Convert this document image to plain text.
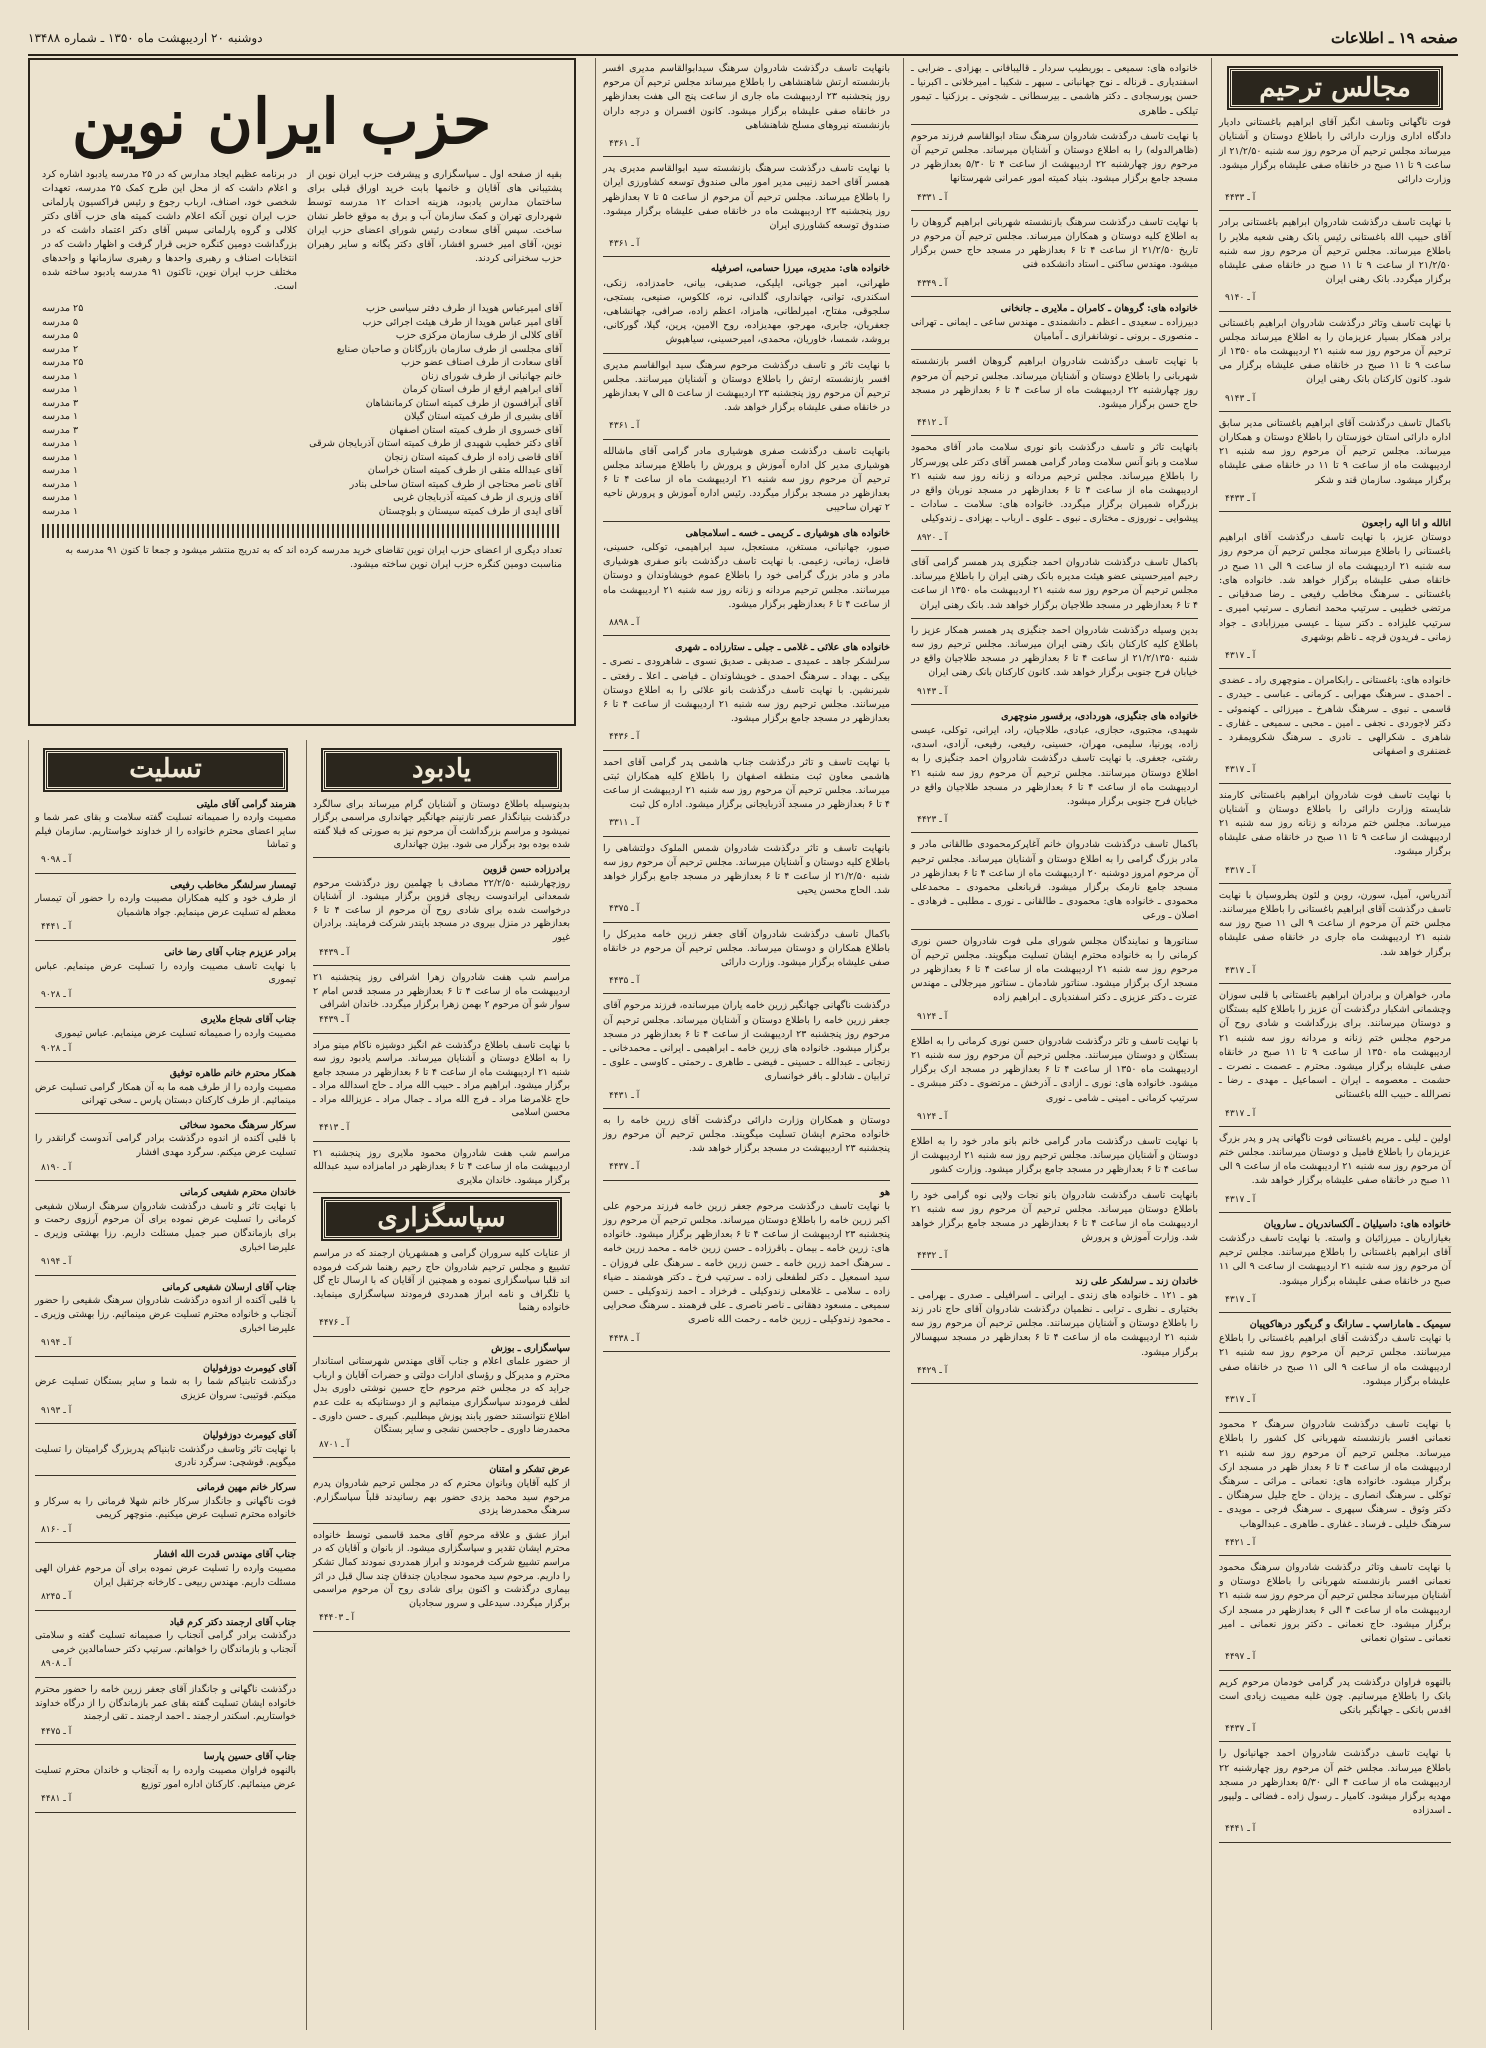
صفحه ۱۹ ـ اطلاعات
دوشنبه ۲۰ اردیبهشت ماه ۱۳۵۰ ـ شماره ۱۳۴۸۸
مجالس ترحیم

فوت ناگهانی وتاسف انگیز آقای ابراهیم باغستانی دادیار دادگاه اداری وزارت دارائی را باطلاع دوستان و آشنایان میرساند مجلس ترحیم آن مرحوم روز سه شنبه ۲۱/۲/۵۰ از ساعت ۹ تا ۱۱ صبح در خانقاه صفی علیشاه برگزار میشود. وزارت دارائی

آ ـ ۴۴۳۳

با نهایت تاسف درگذشت شادروان ابراهیم باغستانی برادر آقای حبیب الله باغستانی رئیس بانک رهنی شعبه ملایر را باطلاع میرساند. مجلس ترحیم آن مرحوم روز سه شنبه ۲۱/۲/۵۰ از ساعت ۹ تا ۱۱ صبح در خانقاه صفی علیشاه برگزار میگردد. بانک رهنی ایران

آ ـ ۹۱۴۰

با نهایت تاسف وتاثر درگذشت شادروان ابراهیم باغستانی برادر همکار بسیار عزیزمان را به اطلاع میرساند مجلس ترحیم آن مرحوم روز سه شنبه ۲۱ اردیبهشت ماه ۱۳۵۰ از ساعت ۹ تا ۱۱ صبح در خانقاه صفی علیشاه برگزار می شود. کانون کارکنان بانک رهنی ایران

آ ـ ۹۱۴۳

باکمال تاسف درگذشت آقای ابراهیم باغستانی مدیر سابق اداره دارائی استان خوزستان را باطلاع دوستان و همکاران میرساند. مجلس ترحیم آن مرحوم روز سه شنبه ۲۱ اردیبهشت ماه از ساعت ۹ تا ۱۱ در خانقاه صفی علیشاه برگزار میشود. سازمان قند و شکر

آ ـ ۴۴۳۳
انالله و انا الیه راجعون

دوستان عزیز، با نهایت تاسف درگذشت آقای ابراهیم باغستانی را باطلاع میرساند مجلس ترحیم آن مرحوم روز سه شنبه ۲۱ اردیبهشت ماه از ساعت ۹ الی ۱۱ صبح در خانقاه صفی علیشاه برگزار خواهد شد. خانواده های: باغستانی ـ سرهنگ مخاطب رفیعی ـ رضا صدقیانی ـ مرتضی خطیبی ـ سرتیپ محمد انصاری ـ سرتیپ امیری ـ سرتیپ علیزاده ـ دکتر سینا ـ عیسی میرزابادی ـ جواد زمانی ـ فریدون قرچه ـ ناظم بوشهری

آ ـ ۴۳۱۷

خانواده های: باغستانی ـ رابکامران ـ منوچهری راد ـ عضدی ـ احمدی ـ سرهنگ مهرابی ـ کرمانی ـ عباسی ـ حیدری ـ قاسمی ـ نبوی ـ سرهنگ شاهرخ ـ میرزائی ـ کهنموئی ـ دکتر لاجوردی ـ نجفی ـ امین ـ محبی ـ سمیعی ـ غفاری ـ شاهری ـ شکرالهی ـ نادری ـ سرهنگ شکرویمقرد ـ غضنفری و اصفهانی

آ ـ ۴۳۱۷

با نهایت تاسف فوت شادروان ابراهیم باغستانی کارمند شایسته وزارت دارائی را باطلاع دوستان و آشنایان میرساند. مجلس ختم مردانه و زنانه روز سه شنبه ۲۱ اردیبهشت از ساعت ۹ تا ۱۱ صبح در خانقاه صفی علیشاه برگزار میشود.

آ ـ ۴۳۱۷

آندریاس، آمیل، سورن، روبن و لئون پطروسیان با نهایت تاسف درگذشت آقای ابراهیم باغستانی را باطلاع میرسانند. مجلس ختم آن مرحوم از ساعت ۹ الی ۱۱ صبح روز سه شنبه ۲۱ اردیبهشت ماه جاری در خانقاه صفی علیشاه برگزار خواهد شد.

آ ـ ۴۳۱۷

مادر، خواهران و برادران ابراهیم باغستانی با قلبی سوزان وچشمانی اشکبار درگذشت آن عزیز را باطلاع کلیه بستگان و دوستان میرسانند. برای بزرگداشت و شادی روح آن مرحوم مجلس ختم زنانه و مردانه روز سه شنبه ۲۱ اردیبهشت ماه ۱۳۵۰ از ساعت ۹ تا ۱۱ صبح در خانقاه صفی علیشاه برگزار میشود. محترم ـ عصمت ـ نصرت ـ حشمت ـ معصومه ـ ایران ـ اسماعیل ـ مهدی ـ رضا ـ نصرالله ـ حبیب الله باغستانی

آ ـ ۴۳۱۷

اولین ـ لیلی ـ مریم باغستانی فوت ناگهانی پدر و پدر بزرگ عزیزمان را باطلاع فامیل و دوستان میرسانند. مجلس ختم آن مرحوم روز سه شنبه ۲۱ اردیبهشت ماه از ساعت ۹ الی ۱۱ صبح در خانقاه صفی علیشاه برگزار خواهد شد.

آ ـ ۴۳۱۷
خانواده های: داسیلیان ـ آلکساندریان ـ سارویان

بغیازاریان ـ میرزائیان و واسته. با نهایت تاسف درگذشت آقای ابراهیم باغستانی را باطلاع میرسانند. مجلس ترحیم آن مرحوم روز سه شنبه ۲۱ اردیبهشت از ساعت ۹ الی ۱۱ صبح در خانقاه صفی علیشاه برگزار میشود.

آ ـ ۴۳۱۷
سیمیک ـ هاماراسپ ـ سارانگ و گریگور درهاکوپیان

با نهایت تاسف درگذشت آقای ابراهیم باغستانی را باطلاع میرسانند. مجلس ترحیم آن مرحوم روز سه شنبه ۲۱ اردیبهشت ماه از ساعت ۹ الی ۱۱ صبح در خانقاه صفی علیشاه برگزار میشود.

آ ـ ۴۳۱۷

با نهایت تاسف درگذشت شادروان سرهنگ ۲ محمود نعمانی افسر بازنشسته شهربانی کل کشور را باطلاع میرساند. مجلس ترحیم آن مرحوم روز سه شنبه ۲۱ اردیبهشت ماه از ساعت ۴ تا ۶ بعداز ظهر در مسجد ارک برگزار میشود. خانواده های: نعمانی ـ مراثی ـ سرهنگ توکلی ـ سرهنگ انصاری ـ یزدان ـ حاج جلیل سرهنگان ـ دکتر وثوق ـ سرهنگ سپهری ـ سرهنگ فرجی ـ مویدی ـ سرهنگ خلیلی ـ فرساد ـ غفاری ـ طاهری ـ عبدالوهاب

آ ـ ۴۴۲۱

با نهایت تاسف وتاثر درگذشت شادروان سرهنگ محمود نعمانی افسر بازنشسته شهربانی را باطلاع دوستان و آشنایان میرساند مجلس ترحیم آن مرحوم روز سه شنبه ۲۱ اردیبهشت ماه از ساعت ۴ الی ۶ بعدازظهر در مسجد ارک برگزار میشود. حاج نعمانی ـ دکتر بروز نعمانی ـ امیر نعمانی ـ ستوان نعمانی

آ ـ ۴۴۹۷

بالنهوه فراوان درگذشت پدر گرامی خودمان مرحوم کریم بانک را باطلاع میرسانیم. چون غلبه مصیبت زیادی است اقدس بانکی ـ جهانگیر بانکی

آ ـ ۴۴۳۷

با نهایت تاسف درگذشت شادروان احمد جهانیانول را باطلاع میرساند. مجلس ختم آن مرحوم روز چهارشنبه ۲۲ اردیبهشت ماه از ساعت ۴ الی ۵/۳۰ بعدازظهر در مسجد مهدیه برگزار میشود. کامیار ـ رسول زاده ـ فضائی ـ ولیپور ـ اسدزاده

آ ـ ۴۴۴۱

خانواده های: سمیعی ـ بوربطیب سردار ـ قالیبافانی ـ بهزادی ـ ضرابی ـ اسفندیاری ـ قرناله ـ نوح جهانبانی ـ سپهر ـ شکیبا ـ امیرخلانی ـ اکبرنیا ـ حسن پورسجادی ـ دکتر هاشمی ـ بیرسطانی ـ شجونی ـ برزکنیا ـ تیمور تیلکی ـ طاهری

با نهایت تاسف درگذشت شادروان سرهنگ ستاد ابوالقاسم فرزند مرحوم (ظاهرالدوله) را به اطلاع دوستان و آشنایان میرساند. مجلس ترحیم آن مرحوم روز چهارشنبه ۲۲ اردیبهشت از ساعت ۴ تا ۵/۳۰ بعدازظهر در مسجد جامع برگزار میشود. بنیاد کمیته امور عمرانی شهرستانها

آ ـ ۴۳۳۱

با نهایت تاسف درگذشت سرهنگ بازنشسته شهربانی ابراهیم گروهان را به اطلاع کلیه دوستان و همکاران میرساند. مجلس ترحیم آن مرحوم در تاریخ ۲۱/۲/۵۰ از ساعت ۴ تا ۶ بعدازظهر در مسجد حاج حسن برگزار میشود. مهندس ساکنی ـ استاد دانشکده فنی

آ ـ ۴۳۴۹
خانواده های: گروهان ـ کامران ـ ملایری ـ جانخانی

دبیرزاده ـ سعیدی ـ اعظم ـ دانشمندی ـ مهندس ساعی ـ ایمانی ـ تهرانی ـ منصوری ـ برونی ـ نوشانفرازی ـ آمامیان

با نهایت تاسف درگذشت شادروان ابراهیم گروهان افسر بازنشسته شهربانی را باطلاع دوستان و آشنایان میرساند. مجلس ترحیم آن مرحوم روز چهارشنبه ۲۲ اردیبهشت ماه از ساعت ۴ تا ۶ بعدازظهر در مسجد حاج حسن برگزار میشود.

آ ـ ۴۴۱۲

بانهایت تاثر و تاسف درگذشت بانو نوری سلامت مادر آقای محمود سلامت و بانو آنس سلامت ومادر گرامی همسر آقای دکتر علی پورسرکار را باطلاع میرساند. مجلس ترحیم مردانه و زنانه روز سه شنبه ۲۱ اردیبهشت ماه از ساعت ۴ تا ۶ بعدازظهر در مسجد نوربان واقع در بزرگراه شمیران برگزار میگردد. خانواده های: سلامت ـ سادات ـ پیشوایی ـ نوروزی ـ مختاری ـ نبوی ـ علوی ـ ارباب ـ بهزادی ـ زندوکیلی

آ ـ ۸۹۲۰

باکمال تاسف درگذشت شادروان احمد جنگیزی پدر همسر گرامی آقای رحیم امیرحسینی عضو هیئت مدیره بانک رهنی ایران را باطلاع میرساند. مجلس ترحیم آن مرحوم روز سه شنبه ۲۱ اردیبهشت ماه ۱۳۵۰ از ساعت ۴ تا ۶ بعدازظهر در مسجد طلاجیان برگزار خواهد شد. بانک رهنی ایران

بدین وسیله درگذشت شادروان احمد جنگیزی پدر همسر همکار عزیز را باطلاع کلیه کارکنان بانک رهنی ایران میرساند. مجلس ترحیم روز سه شنبه ۲۱/۲/۱۳۵۰ از ساعت ۴ تا ۶ بعدازظهر در مسجد طلاجیان واقع در خیابان فرح جنوبی برگزار خواهد شد. کانون کارکنان بانک رهنی ایران

آ ـ ۹۱۴۳
خانواده های جنگیزی، هوردادی، برفسور منوچهری

شهیدی، مجتبوی، حجازی، عبادی، طلاجیان، راد، ایرانی، توکلی، عیسی زاده، پورنیا، سلیمی، مهران، حسینی، رفیعی، رفیعی، آزادی، اسدی، رشتی، جعفری. با نهایت تاسف درگذشت شادروان احمد جنگیزی را به اطلاع دوستان میرسانند. مجلس ترحیم آن مرحوم روز سه شنبه ۲۱ اردیبهشت ماه از ساعت ۴ تا ۶ بعدازظهر در مسجد طلاجیان واقع در خیابان فرح جنوبی برگزار میشود.

آ ـ ۴۴۲۳

باکمال تاسف درگذشت شادروان خانم آغاپرکرمحمودی طالقانی مادر و مادر بزرگ گرامی را به اطلاع دوستان و آشنایان میرساند. مجلس ترحیم آن مرحوم امروز دوشنبه ۲۰ اردیبهشت ماه از ساعت ۴ تا ۶ بعدازظهر در مسجد جامع نارمک برگزار میشود. قربانعلی محمودی ـ محمدعلی محمودی ـ خانواده های: محمودی ـ طالقانی ـ نوری ـ مطلبی ـ فرهادی ـ اصلان ـ ورعی

سناتورها و نمایندگان مجلس شورای ملی فوت شادروان حسن نوری کرمانی را به خانواده محترم ایشان تسلیت میگویند. مجلس ترحیم آن مرحوم روز سه شنبه ۲۱ اردیبهشت ماه از ساعت ۴ تا ۶ بعدازظهر در مسجد ارک برگزار میشود. سناتور شادمان ـ سناتور میرجلالی ـ مهندس عترت ـ دکتر عزیزی ـ دکتر اسفندیاری ـ ابراهیم زاده

آ ـ ۹۱۲۴

با نهایت تاسف و تاثر درگذشت شادروان حسن نوری کرمانی را به اطلاع بستگان و دوستان میرسانند. مجلس ترحیم آن مرحوم روز سه شنبه ۲۱ اردیبهشت ماه ۱۳۵۰ از ساعت ۴ تا ۶ بعدازظهر در مسجد ارک برگزار میشود. خانواده های: نوری ـ ازادی ـ آذرخش ـ مرتضوی ـ دکتر مبشری ـ سرتیپ کرمانی ـ امینی ـ شامی ـ نوری

آ ـ ۹۱۲۴

با نهایت تاسف درگذشت مادر گرامی خانم بانو مادر خود را به اطلاع دوستان و آشنایان میرساند. مجلس ترحیم روز سه شنبه ۲۱ اردیبهشت از ساعت ۴ تا ۶ بعدازظهر در مسجد جامع برگزار میشود. وزارت کشور

بانهایت تاسف درگذشت شادروان بانو نجات ولایی نوه گرامی خود را باطلاع دوستان میرساند. مجلس ترحیم آن مرحوم روز سه شنبه ۲۱ اردیبهشت ماه از ساعت ۴ تا ۶ بعدازظهر در مسجد جامع برگزار خواهد شد. وزارت آموزش و پرورش

آ ـ ۴۴۳۲
خاندان زند ـ سرلشکر علی زند

هو ـ ۱۲۱ ـ خانواده های زندی ـ ایرانی ـ اسرافیلی ـ صدری ـ بهرامی ـ بختیاری ـ نظری ـ ترابی ـ نظمیان درگذشت شادروان آقای حاج نادر زند را باطلاع دوستان و آشنایان میرسانند. مجلس ترحیم آن مرحوم روز سه شنبه ۲۱ اردیبهشت ماه از ساعت ۴ تا ۶ بعدازظهر در مسجد سپهسالار برگزار میشود.

آ ـ ۴۴۲۹

بانهایت تاسف درگذشت شادروان سرهنگ سیدابوالقاسم مدیری افسر بازنشسته ارتش شاهنشاهی را باطلاع میرساند مجلس ترحیم آن مرحوم روز پنجشنبه ۲۳ اردیبهشت ماه جاری از ساعت پنج الی هفت بعدازظهر در خانقاه صفی علیشاه برگزار میشود. کانون افسران و درجه داران بازنشسته نیروهای مسلح شاهنشاهی

آ ـ ۴۳۶۱

با نهایت تاسف درگذشت سرهنگ بازنشسته سید ابوالقاسم مدیری پدر همسر آقای احمد زنیبی مدیر امور مالی صندوق توسعه کشاورزی ایران را باطلاع میرساند. مجلس ترحیم آن مرحوم از ساعت ۵ تا ۷ بعدازظهر روز پنجشنبه ۲۳ اردیبهشت ماه در خانقاه صفی علیشاه برگزار میشود. صندوق توسعه کشاورزی ایران

آ ـ ۴۳۶۱
خانواده های: مدیری، میرزا حسامی، اصرفیله

طهرانی، امیر جویانی، ایلیکی، صدیقی، بیانی، حامدزاده، زنکی، اسکندری، توانی، جهانداری، گلدانی، نره، کلکوس، صنیعی، بستجی، سلجوقی، مفتاح، امیرلطانی، هامزاد، اعظم زاده، صرافی، جهانشاهی، جعفریان، جابری، مهرجو، مهدیزاده، روح الامین، پرین، گیلا، گورکانی، بروشد، شمسا، خاوریان، محمدی، امیرحسینی، سیاهپوش

با نهایت تاثر و تاسف درگذشت مرحوم سرهنگ سید ابوالقاسم مدیری افسر بازنشسته ارتش را باطلاع دوستان و آشنایان میرسانند. مجلس ترحیم آن مرحوم روز پنجشنبه ۲۳ اردیبهشت از ساعت ۵ الی ۷ بعدازظهر در خانقاه صفی علیشاه برگزار خواهد شد.

آ ـ ۴۳۶۱

بانهایت تاسف درگذشت صفری هوشیاری مادر گرامی آقای ماشالله هوشیاری مدیر کل اداره آموزش و پرورش را باطلاع میرساند مجلس ترحیم آن مرحوم روز سه شنبه ۲۱ اردیبهشت ماه از ساعت ۴ تا ۶ بعدازظهر در مسجد برگزار میگردد. رئیس اداره آموزش و پرورش ناحیه ۲ تهران ساحیبی

خانواده های هوشیاری ـ کریمی ـ خسه ـ اسلامجاهی

صبور، جهانبانی، مستغن، مستعجل، سید ابراهیمی، توکلی، حسینی، فاضل، زمانی، زعیمی. با نهایت تاسف درگذشت بانو صفری هوشیاری مادر و مادر بزرگ گرامی خود را باطلاع عموم خویشاوندان و دوستان میرسانند. مجلس ترحیم مردانه و زنانه روز سه شنبه ۲۱ اردیبهشت ماه از ساعت ۴ تا ۶ بعدازظهر برگزار میشود.

آ ـ ۸۸۹۸
خانواده های علائی ـ غلامی ـ جبلی ـ ستارزاده ـ شهری

سرلشکر جاهد ـ عمیدی ـ صدیقی ـ صدیق نسوی ـ شاهرودی ـ نصری ـ بیکی ـ بهداد ـ سرهنگ احمدی ـ خویشاوندان ـ فیاضی ـ اعلا ـ رفعتی ـ شیرنشین. با نهایت تاسف درگذشت بانو علائی را به اطلاع دوستان میرسانند. مجلس ترحیم روز سه شنبه ۲۱ اردیبهشت از ساعت ۴ تا ۶ بعدازظهر در مسجد جامع برگزار میشود.

آ ـ ۴۴۳۶

با نهایت تاسف و تاثر درگذشت جناب هاشمی پدر گرامی آقای احمد هاشمی معاون ثبت منطقه اصفهان را باطلاع کلیه همکاران ثبتی میرساند. مجلس ترحیم آن مرحوم روز سه شنبه ۲۱ اردیبهشت از ساعت ۴ تا ۶ بعدازظهر در مسجد آذربایجانی برگزار میشود. اداره کل ثبت

آ ـ ۳۳۱۱

بانهایت تاسف و تاثر درگذشت شادروان شمس الملوک دولتشاهی را باطلاع کلیه دوستان و آشنایان میرساند. مجلس ترحیم آن مرحوم روز سه شنبه ۲۱/۲/۵۰ از ساعت ۴ تا ۶ بعدازظهر در مسجد جامع برگزار خواهد شد. الحاج محسن یحیی

آ ـ ۴۳۷۵

باکمال تاسف درگذشت شادروان آقای جعفر زرین خامه مدیرکل را باطلاع همکاران و دوستان میرساند. مجلس ترحیم آن مرحوم در خانقاه صفی علیشاه برگزار میشود. وزارت دارائی

آ ـ ۴۴۳۵

درگذشت ناگهانی جهانگیر زرین خامه یاران میرسانده، فرزند مرحوم آقای جعفر زرین خامه را باطلاع دوستان و آشنایان میرساند. مجلس ترحیم آن مرحوم روز پنجشنبه ۲۳ اردیبهشت از ساعت ۴ تا ۶ بعدازظهر در مسجد برگزار میشود. خانواده های زرین خامه ـ ابراهیمی ـ ایرانی ـ محمدخانی ـ زنجانی ـ عبدالله ـ حسینی ـ فیضی ـ طاهری ـ رحمتی ـ کاوسی ـ علوی ـ ترابیان ـ شادلو ـ باقر خوانساری

آ ـ ۴۴۳۱

دوستان و همکاران وزارت دارائی درگذشت آقای زرین خامه را به خانواده محترم ایشان تسلیت میگویند. مجلس ترحیم آن مرحوم روز پنجشنبه ۲۳ اردیبهشت در مسجد برگزار خواهد شد.

آ ـ ۴۴۳۷
هو

با نهایت تاسف درگذشت مرحوم جعفر زرین خامه فرزند مرحوم علی اکبر زرین خامه را باطلاع دوستان میرساند. مجلس ترحیم آن مرحوم روز پنجشنبه ۲۳ اردیبهشت از ساعت ۴ تا ۶ بعدازظهر برگزار میشود. خانواده های: زرین خامه ـ بیمان ـ باقرزاده ـ حسن زرین خامه ـ محمد زرین خامه ـ سرهنگ احمد زرین خامه ـ حسن زرین خامه ـ سرهنگ علی فروزان ـ سید اسمعیل ـ دکتر لطفعلی زاده ـ سرتیپ فرخ ـ دکتر هوشمند ـ ضیاء زاده ـ سلامی ـ غلامعلی زندوکیلی ـ فرخزاد ـ احمد زندوکیلی ـ حسن سمیعی ـ مسعود دهقانی ـ ناصر ناصری ـ علی فرهمند ـ سرهنگ صحرایی ـ محمود زندوکیلی ـ زرین خامه ـ رحمت الله ناصری

آ ـ ۴۴۳۸
حزب ایران نوین
بقیه از صفحه اول ـ سپاسگزاری و پیشرفت حزب ایران نوین از پشتیبانی های آقایان و خانمها بابت خرید اوراق قبلی برای ساختمان مدارس یادبود، هزینه احداث ۱۲ مدرسه توسط شهرداری تهران و کمک سازمان آب و برق به موقع خاطر نشان ساخت. سپس آقای سعادت رئیس شورای اعضای حزب ایران نوین، آقای امیر خسرو افشار، آقای دکتر یگانه و سایر رهبران حزب سخنرانی کردند.
در برنامه عظیم ایجاد مدارس که در ۲۵ مدرسه یادبود اشاره کرد و اعلام داشت که از محل این طرح کمک ۲۵ مدرسه، تعهدات شخصی خود، اصناف، ارباب رجوع و رئیس فراکسیون پارلمانی حزب ایران نوین آنکه اعلام داشت کمیته های حزب آقای دکتر کلالی و گروه پارلمانی سپس آقای دکتر اعتماد داشت که در بزرگداشت دومین کنگره حزبی قرار گرفت و اظهار داشت که در انتخابات اصناف و رهبری واحدها و رهبری سازمانها و واحدهای مختلف حزب ایران نوین، تاکنون ۹۱ مدرسه یادبود ساخته شده است.
آقای امیرعباس هویدا از طرف دفتر سیاسی حزب
۲۵ مدرسه
آقای امیر عباس هویدا از طرف هیئت اجرائی حزب
۵ مدرسه
آقای کلالی از طرف سازمان مرکزی حزب
۵ مدرسه
آقای مجلسی از طرف سازمان بازرگانان و صاحبان صنایع
۲ مدرسه
آقای سعادت از طرف اصناف عضو حزب
۲۵ مدرسه
خانم جهانبانی از طرف شورای زنان
۱ مدرسه
آقای ابراهیم ارقع از طرف استان کرمان
۱ مدرسه
آقای آبرافسون از طرف کمیته استان کرمانشاهان
۳ مدرسه
آقای بشیری از طرف کمیته استان گیلان
۱ مدرسه
آقای خسروی از طرف کمیته استان اصفهان
۳ مدرسه
آقای دکتر خطیب شهیدی از طرف کمیته استان آذربایجان شرقی
۱ مدرسه
آقای قاضی زاده از طرف کمیته استان زنجان
۱ مدرسه
آقای عبدالله متقی از طرف کمیته استان خراسان
۱ مدرسه
آقای ناصر محتاجی از طرف کمیته استان ساحلی بنادر
۱ مدرسه
آقای وزیری از طرف کمیته آذربایجان غربی
۱ مدرسه
آقای ایدی از طرف کمیته سیستان و بلوچستان
۱ مدرسه
تعداد دیگری از اعضای حزب ایران نوین تقاضای خرید مدرسه کرده اند که به تدریج منتشر میشود و جمعا تا کنون ۹۱ مدرسه به مناسبت دومین کنگره حزب ایران نوین ساخته میشود.
یادبود

بدینوسیله باطلاع دوستان و آشنایان گرام میرساند برای سالگرد درگذشت بنیانگذار عصر نازنینم جهانگیر جهانداری مراسمی برگزار نمیشود و مراسم بزرگداشت آن مرحوم نیز به صورتی که قبلا گفته شده بوده بود برگزار می شود. بیژن جهانداری

برادرزاده حسن قزوین

روزچهارشنبه ۲۲/۲/۵۰ مصادف با چهلمین روز درگذشت مرحوم شمعدانی ایراندوست ریچای قزوین برگزار میشود. از آشنایان درخواست شده برای شادی روح آن مرحوم از ساعت ۴ تا ۶ بعدازظهر در منزل بیروی در مسجد بایندر شرکت فرمایند. برادران غیور

آ ـ ۴۴۳۹

مراسم شب هفت شادروان زهرا اشرافی روز پنجشنبه ۲۱ اردیبهشت ماه از ساعت ۴ تا ۶ بعدازظهر در مسجد قدس امام ۲ سوار شو آن مرحوم ۲ بهمن زهرا برگزار میگردد. خاندان اشرافی

آ ـ ۴۴۳۹

با نهایت تاسف باطلاع درگذشت غم انگیز دوشیزه ناکام مینو مراد را به اطلاع دوستان و آشنایان میرساند. مراسم یادبود روز سه شنبه ۲۱ اردیبهشت ماه از ساعت ۴ تا ۶ بعدازظهر در مسجد جامع برگزار میشود. ابراهیم مراد ـ حبیب الله مراد ـ حاج اسدالله مراد ـ حاج غلامرضا مراد ـ فرج الله مراد ـ جمال مراد ـ عزیزالله مراد ـ محسن اسلامی

آ ـ ۴۴۱۳

مراسم شب هفت شادروان محمود ملایری روز پنجشنبه ۲۱ اردیبهشت ماه از ساعت ۴ تا ۶ بعدازظهر در امامزاده سید عبدالله برگزار میشود. خاندان ملایری

سپاسگزاری

از عنایات کلیه سروران گرامی و همشهریان ارجمند که در مراسم تشییع و مجلس ترحیم شادروان حاج رحیم رهنما شرکت فرموده اند قلبا سپاسگزاری نموده و همچنین از آقایان که با ارسال تاج گل یا تلگراف و نامه ابراز همدردی فرمودند سپاسگزاری مینماید. خانواده رهنما

آ ـ ۴۴۷۶
سپاسگزاری ـ بوزش

از حضور علمای اعلام و جناب آقای مهندس شهرستانی استاندار محترم و مدیرکل و رؤسای ادارات دولتی و حضرات آقایان و ارباب جراید که در مجلس ختم مرحوم حاج حسین نوشتی داوری بدل لطف فرمودند سپاسگزاری مینمائیم و از دوستانیکه به علت عدم اطلاع نتوانستند حضور یابند پوزش میطلبیم. کبیری ـ حسن داوری ـ محمدرضا داوری ـ حاجحسن نشجی و سایر بستگان

آ ـ ۸۷۰۱
عرض تشکر و امتنان

از کلیه آقایان وبانوان محترم که در مجلس ترحیم شادروان پدرم مرحوم سید محمد یزدی حضور بهم رسانیدند قلباً سپاسگزارم. سرهنگ محمدرضا یزدی

ابراز عشق و علاقه مرحوم آقای محمد قاسمی توسط خانواده محترم ایشان تقدیر و سپاسگزاری میشود. از بانوان و آقایان که در مراسم تشییع شرکت فرمودند و ابراز همدردی نمودند کمال تشکر را داریم. مرحوم سید محمود سجادیان جندقان چند سال قبل در اثر بیماری درگذشت و اکنون برای شادی روح آن مرحوم مراسمی برگزار میگردد. سیدعلی و سرور سجادیان

آ ـ ۴۴۴۰۳
تسلیت
هنرمند گرامی آقای ملیتی

مصیبت وارده را صمیمانه تسلیت گفته سلامت و بقای عمر شما و سایر اعضای محترم خانواده را از خداوند خواستاریم. سازمان فیلم و تماشا

آ ـ ۹۰۹۸
تیمسار سرلشگر مخاطب رفیعی

از طرف خود و کلیه همکاران مصیبت وارده را حضور آن تیمسار معظم له تسلیت عرض مینمایم. جواد هاشمیان

آ ـ ۴۴۴۱
برادر عزیزم جناب آقای رضا خانی

با نهایت تاسف مصیبت وارده را تسلیت عرض مینمایم. عباس تیموری

آ ـ ۹۰۲۸
جناب آقای شجاع ملایری

مصیبت وارده را صمیمانه تسلیت عرض مینمایم. عباس تیموری

آ ـ ۹۰۲۸
همکار محترم خانم طاهره توفیق

مصیبت وارده را از طرف همه ما به آن همکار گرامی تسلیت عرض مینمائیم. از طرف کارکنان دبستان پارس ـ سخی تهرانی

سرکار سرهنگ محمود سخائی

با قلبی آکنده از اندوه درگذشت برادر گرامی آندوست گرانقدر را تسلیت عرض میکنم. سرگرد مهدی افشار

آ ـ ۸۱۹۰
خاندان محترم شفیعی کرمانی

با نهایت تاثر و تاسف درگذشت شادروان سرهنگ ارسلان شفیعی کرمانی را تسلیت عرض نموده برای آن مرحوم آرزوی رحمت و برای بازماندگان صبر جمیل مسئلت داریم. رزا بهشتی وزیری ـ علیرضا اخباری

آ ـ ۹۱۹۴
جناب آقای ارسلان شفیعی کرمانی

با قلبی آکنده از اندوه درگذشت شادروان سرهنگ شفیعی را حضور آنجناب و خانواده محترم تسلیت عرض مینمائیم. رزا بهشتی وزیری ـ علیرضا اخباری

آ ـ ۹۱۹۴
آقای کیومرث دوزفولیان

درگذشت تابنیاکم شما را به شما و سایر بستگان تسلیت عرض میکنم. قوتیبی: سروان عزیزی

آ ـ ۹۱۹۳
آقای کیومرث دوزفولیان

با نهایت تاثر وتاسف درگذشت تابنیاکم پدربزرگ گرامیتان را تسلیت میگویم. قوشچی: سرگرد نادری

سرکار خانم مهین فرمانی

فوت ناگهانی و جانگداز سرکار خانم شهلا فرمانی را به سرکار و خانواده محترم تسلیت عرض میکنیم. منوچهر کریمی

آ ـ ۸۱۶۰
جناب آقای مهندس قدرت الله افشار

مصیبت وارده را تسلیت عرض نموده برای آن مرحوم غفران الهی مسئلت داریم. مهندس ربیعی ـ کارخانه جرثقیل ایران

آ ـ ۸۲۴۵
جناب آقای ارجمند دکتر کرم قباد

درگذشت برادر گرامی آنجناب را صمیمانه تسلیت گفته و سلامتی آنجناب و بازماندگان را خواهانم. سرتیپ دکتر حسامالدین خرمی

آ ـ ۸۹۰۸

درگذشت ناگهانی و جانگداز آقای جعفر زرین خامه را حضور محترم خانواده ایشان تسلیت گفته بقای عمر بازماندگان را از درگاه خداوند خواستاریم. اسکندر ارجمند ـ احمد ارجمند ـ تقی ارجمند

آ ـ ۴۴۷۵
جناب آقای حسین پارسا

بالنهوه فراوان مصیبت وارده را به آنجناب و خاندان محترم تسلیت عرض مینمائیم. کارکنان اداره امور توزیع

آ ـ ۴۴۸۱
